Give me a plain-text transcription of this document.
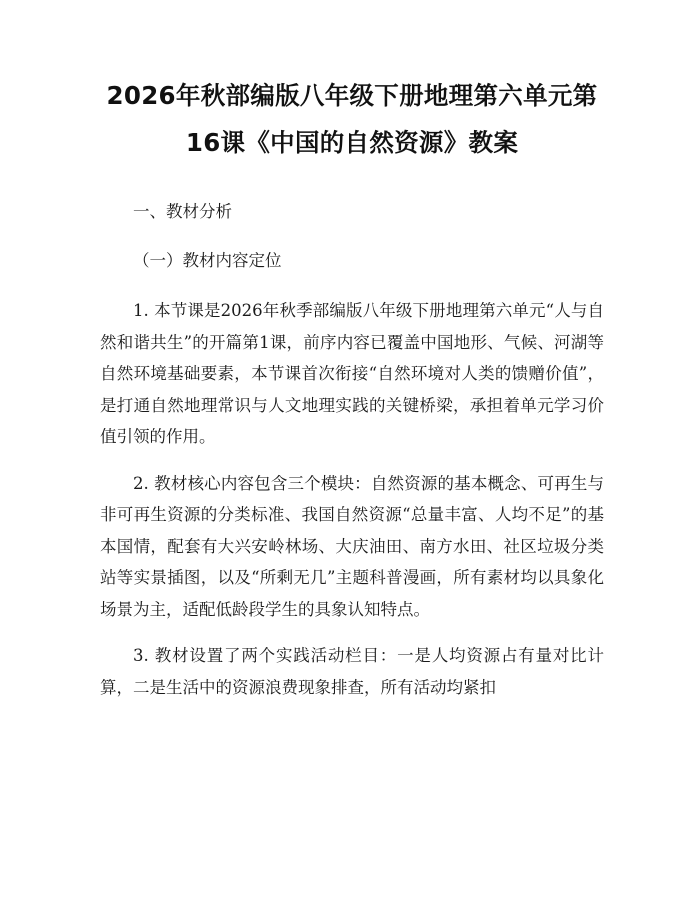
2026年秋部编版八年级下册地理第六单元第
16课《中国的自然资源》教案

一、教材分析

（一）教材内容定位

1. 本节课是2026年秋季部编版八年级下册地理第六单元“人与自然和谐共生”的开篇第1课，前序内容已覆盖中国地形、气候、河湖等自然环境基础要素，本节课首次衔接“自然环境对人类的馈赠价值”，是打通自然地理常识与人文地理实践的关键桥梁，承担着单元学习价值引领的作用。

2. 教材核心内容包含三个模块：自然资源的基本概念、可再生与非可再生资源的分类标准、我国自然资源“总量丰富、人均不足”的基本国情，配套有大兴安岭林场、大庆油田、南方水田、社区垃圾分类站等实景插图，以及“所剩无几”主题科普漫画，所有素材均以具象化场景为主，适配低龄段学生的具象认知特点。

3. 教材设置了两个实践活动栏目：一是人均资源占有量对比计算，二是生活中的资源浪费现象排查，所有活动均紧扣
